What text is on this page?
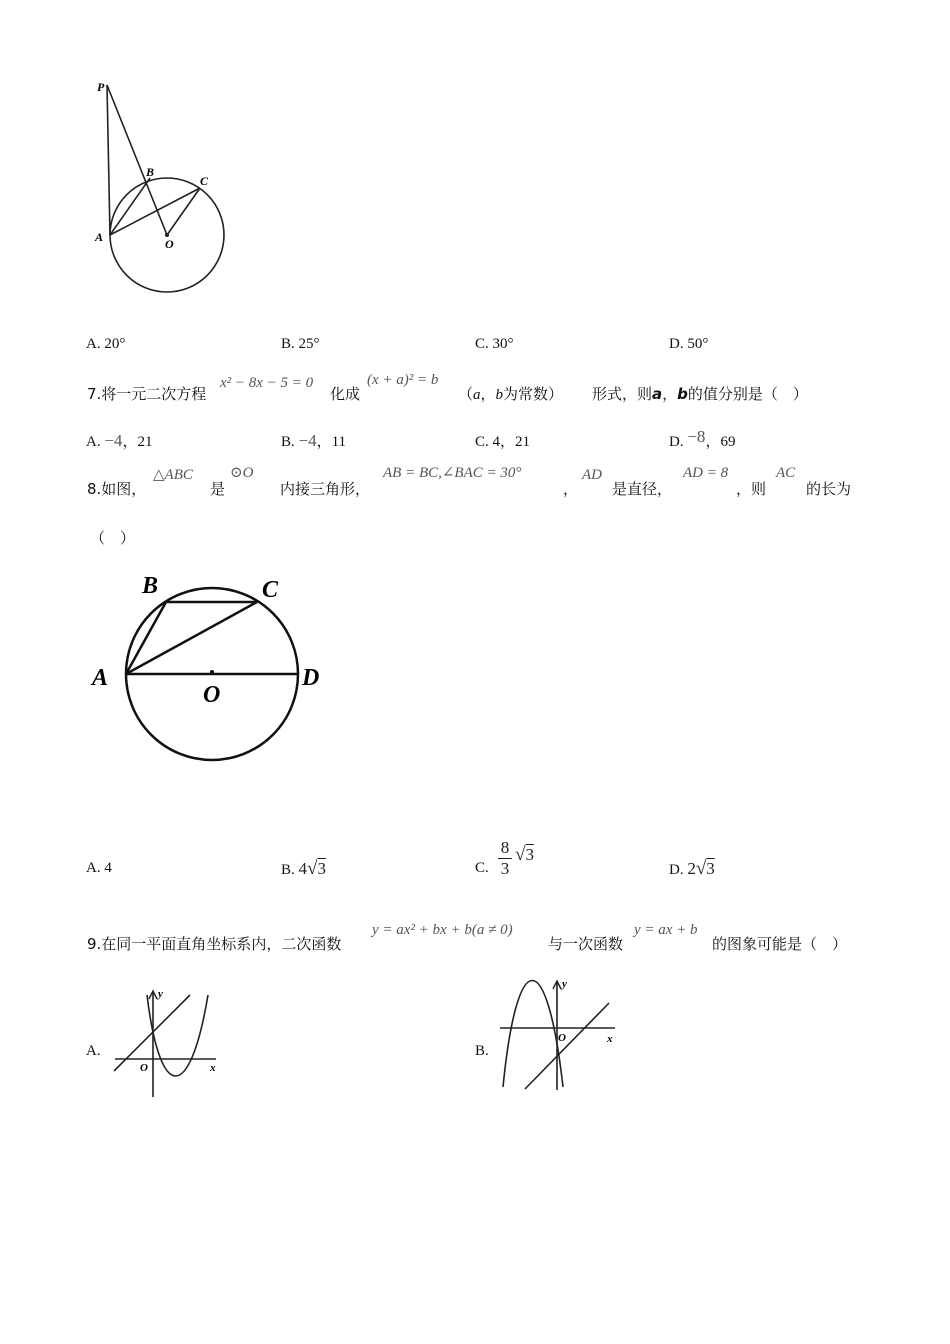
P
A
B
C
O
A. 20°	B. 25°	C. 30°	D. 50°
7.将一元二次方程
x² − 8x − 5 = 0
化成
(x + a)² = b
（a，b为常数） 形式，则a，b的值分别是（　）
A. −4，21	B. −4，11	C. 4，21	D. −8，69
8.如图，
△ABC
是
⊙O
内接三角形，
AB = BC,∠BAC = 30°
，
AD
是直径，
AD = 8
，则
AC
的长为
（　）
B	C
A	D
O
A. 4	B. 4√3	C.
8
3
√3
D. 2√3
9.在同一平面直角坐标系内，二次函数
y = ax² + bx + b(a ≠ 0)
与一次函数
y = ax + b
的图象可能是（　）
A.
y
O	x
B.
y
O	x
